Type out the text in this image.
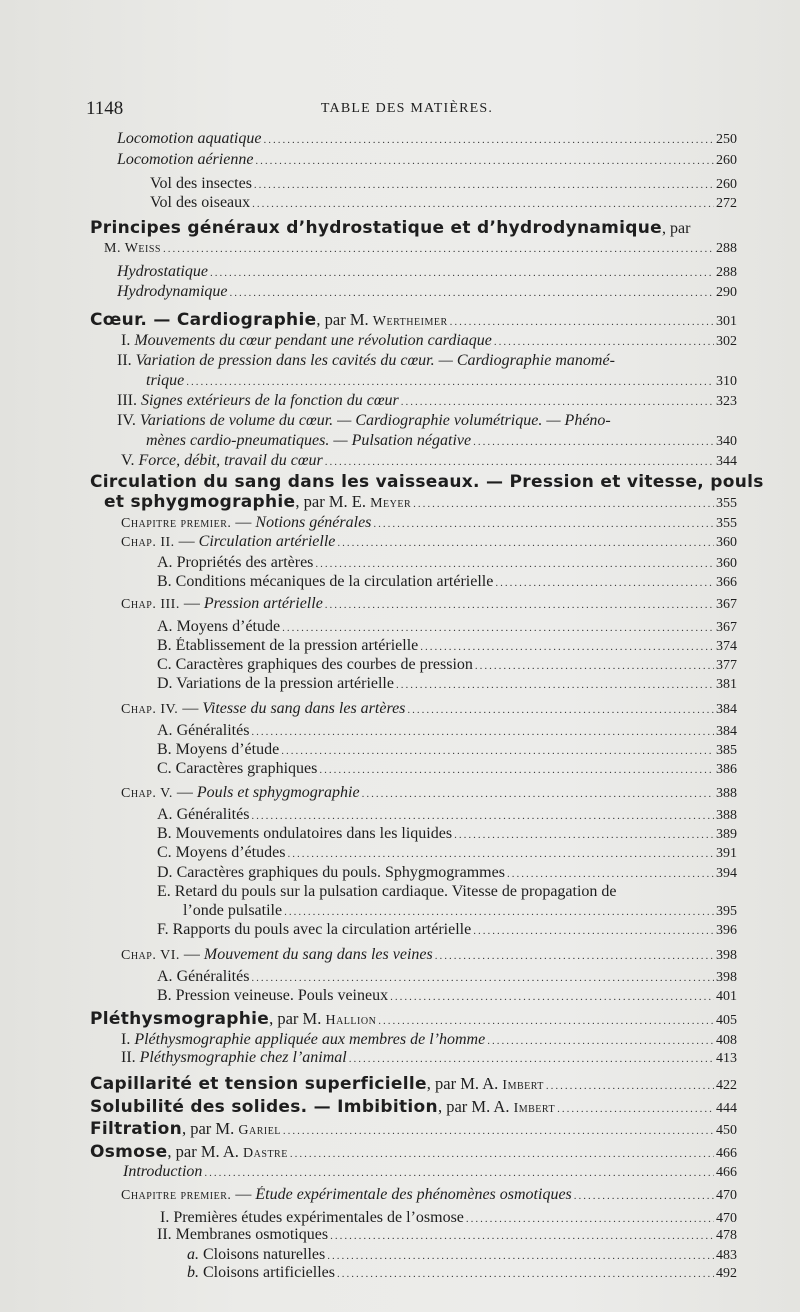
1148	TABLE DES MATIÈRES.
Locomotion aquatique .....	250
Locomotion aérienne .....	260
Vol des insectes .....	260
Vol des oiseaux .....	272
Principes généraux d’hydrostatique et d’hydrodynamique, par
M. Weiss .....	288
Hydrostatique .....	288
Hydrodynamique .....	290
Cœur. — Cardiographie, par M. Wertheimer .....	301
I. Mouvements du cœur pendant une révolution cardiaque .....	302
II. Variation de pression dans les cavités du cœur. — Cardiographie manomé-
trique .....	310
III. Signes extérieurs de la fonction du cœur .....	323
IV. Variations de volume du cœur. — Cardiographie volumétrique. — Phéno-
mènes cardio-pneumatiques. — Pulsation négative .....	340
V. Force, débit, travail du cœur .....	344
Circulation du sang dans les vaisseaux. — Pression et vitesse, pouls
et sphygmographie, par M. E. Meyer .....	355
Chapitre premier. — Notions générales .....	355
Chap. II. — Circulation artérielle .....	360
A. Propriétés des artères .....	360
B. Conditions mécaniques de la circulation artérielle .....	366
Chap. III. — Pression artérielle .....	367
A. Moyens d’étude .....	367
B. Établissement de la pression artérielle .....	374
C. Caractères graphiques des courbes de pression .....	377
D. Variations de la pression artérielle .....	381
Chap. IV. — Vitesse du sang dans les artères .....	384
A. Généralités .....	384
B. Moyens d’étude .....	385
C. Caractères graphiques .....	386
Chap. V. — Pouls et sphygmographie .....	388
A. Généralités .....	388
B. Mouvements ondulatoires dans les liquides .....	389
C. Moyens d’études .....	391
D. Caractères graphiques du pouls. Sphygmogrammes .....	394
E. Retard du pouls sur la pulsation cardiaque. Vitesse de propagation de
l’onde pulsatile .....	395
F. Rapports du pouls avec la circulation artérielle .....	396
Chap. VI. — Mouvement du sang dans les veines .....	398
A. Généralités .....	398
B. Pression veineuse. Pouls veineux .....	401
Pléthysmographie, par M. Hallion .....	405
I. Pléthysmographie appliquée aux membres de l’homme .....	408
II. Pléthysmographie chez l’animal .....	413
Capillarité et tension superficielle, par M. A. Imbert .....	422
Solubilité des solides. — Imbibition, par M. A. Imbert .....	444
Filtration, par M. Gariel .....	450
Osmose, par M. A. Dastre .....	466
Introduction .....	466
Chapitre premier. — Étude expérimentale des phénomènes osmotiques .....	470
I. Premières études expérimentales de l’osmose .....	470
II. Membranes osmotiques .....	478
a. Cloisons naturelles .....	483
b. Cloisons artificielles .....	492
